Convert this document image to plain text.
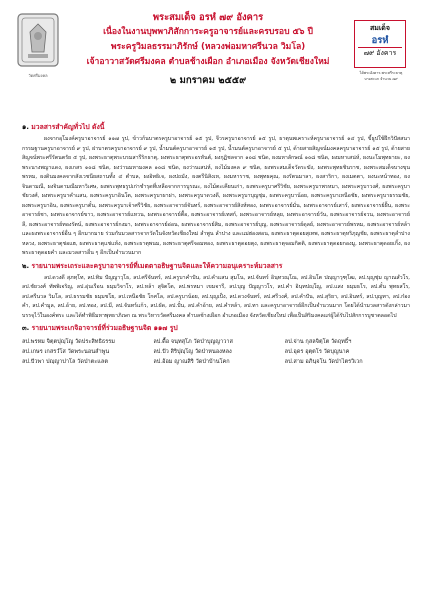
วัดศรีมงคล
พระสมเด็จ อรหํ ๗๙ อังคาร
เนื่องในงานบุพพาภิสักการะครูอาจารย์และครบรอบ ๕๖ ปี
พระครูวิมลธรรมาภิรักษ์ (หลวงพ่อมหาศรีนวล วิมโล)
เจ้าอาวาสวัดศรีมงคล ตำบลช้างเผือก อำเภอเมือง จังหวัดเชียงใหม่
๒ มกราคม ๒๕๕๙
สมเด็จ
อรหํ
๗๙ อังคาร
ได้พระอังคาร-พระสรีระธาตุ บางสะแก จำนวน ๗๙
๑. มวลสารสำคัญทั่วไป ดังนี้

ผงจากอุโมงค์ครูบาอาจารย์ ๑๑๗ รูป, ข้าวก้นบาตรครูบาอาจารย์ ๑๕ รูป, จีวรครูบาอาจารย์ ๑๕ รูป, ธาตุนพเคราะห์ครูบาอาจารย์ ๑๔ รูป, ขี้ธูปใช้ฝึกวิปัสสนากรรมฐานครูบาอาจารย์ ๙ รูป, ฝาบาตรครูบาอาจารย์ ๙ รูป, น้ำมนต์ครูบาอาจารย์ ๑๕ รูป, น้ำมนต์ครูบาอาจารย์ ๕ รูป, ด้ายสายสิญจน์มงคลครูบาอาจารย์ ๑๕ รูป, ด้ายสายสิญจน์พระศรีรัตนตรัย ๕ รูป, ผงพระธาตุพระบรมสารีริกธาตุ, ผงพระธาตุพระอรหันต์, ผงกุฏิชลจาก ๑๐๘ ชนิด, ผงมหาลักษณ์ ๑๐๘ ชนิด, ผงมหาเสน่ห์, ผงนะโมพุทธายะ, ผงพระนางพญาแดง, ผงเกสร ๑๐๘ ชนิด, ผงว่านมหามงคล ๑๐๘ ชนิด, ผงว่านเสน่ห์, ผงไม้มงคล ๙ ชนิด, ผงพระสมเด็จวัดระฆัง, ผงพระพุทธชินราช, ผงพระสมเด็จบางขุนพรหม, ผงดินมงคลจากสังเวชนียสถานทั้ง ๔ ตำบล, ผงอิทธิเจ, ผงปถมัง, ผงตรีนิสิงเห, ผงมหาราช, ผงพุทธคุณ, ผงรัตนมาลา, ผงสาริกา, ผงเมตตา, ผงนะหน้าทอง, ผงจินดามณี, ผงจินดามณีมหาวิเศษ, ผงพระพุทธรูปเก่าชำรุดที่เหลือจากการบูรณะ, ผงไม้ตะเคียนเก่า, ผงพระครูบาศรีวิชัย, ผงพระครูบาพรหมา, ผงพระครูบาวงศ์, ผงพระครูบาชัยวงศ์, ผงพระครูบาคำแสน, ผงพระครูบาอินโต, ผงพระครูบาผาผ่า, ผงพระครูบาดวงดี, ผงพระครูบาบุญชุ่ม, ผงพระครูบาน้อย, ผงพระครูบาเหนือชัย, ผงพระครูบาธรรมชัย, ผงพระครูบาอิน, ผงพระครูบาตั๋น, ผงพระครูบาเจ้าศรีวิชัย, ผงพระอาจารย์จันทร์, ผงพระอาจารย์สิงห์ทอง, ผงพระอาจารย์มั่น, ผงพระอาจารย์เสาร์, ผงพระอาจารย์ฝั้น, ผงพระอาจารย์ชา, ผงพระอาจารย์ขาว, ผงพระอาจารย์แหวน, ผงพระอาจารย์ตื้อ, ผงพระอาจารย์เทสก์, ผงพระอาจารย์หลุย, ผงพระอาจารย์วัน, ผงพระอาจารย์จวน, ผงพระอาจารย์ลี, ผงพระอาจารย์ทองรัตน์, ผงพระอาจารย์กงมา, ผงพระอาจารย์อ่อน, ผงพระอาจารย์สิม, ผงพระอาจารย์บุญ, ผงพระอาจารย์ดุลย์, ผงพระอาจารย์พรหม, ผงพระอาจารย์หล้า และผงพระอาจารย์อื่น ๆ อีกมากมาย ร่วมกับมวลสารจากวัดในจังหวัดเชียงใหม่ ลำพูน ลำปาง และแม่ฮ่องสอน, ผงพระธาตุดอยสุเทพ, ผงพระธาตุหริภุญชัย, ผงพระธาตุลำปางหลวง, ผงพระธาตุช่อแฮ, ผงพระธาตุแช่แห้ง, ผงพระธาตุพนม, ผงพระธาตุศรีจอมทอง, ผงพระธาตุดอยตุง, ผงพระธาตุจอมกิตติ, ผงพระธาตุดอยกองมู, ผงพระธาตุดอยเกิ้ง, ผงพระธาตุดอยคำ และมวลสารอื่น ๆ อีกเป็นจำนวนมาก

๒. รายนามพระเถระและครูบาอาจารย์ที่เมตตาอธิษฐานจิตและให้ความอนุเคราะห์มวลสาร

ลป.ดวงดี สุภทฺโท, ลป.ทิม ปัญญาวุโธ, ลป.ศรีจันทร์, ลป.ครูบาคำปัน, ลป.คำแสน สุมโน, ลป.จันทร์ อินฺทวณฺโณ, ลป.อินโต ปญฺญาวุฑฺโฒ, ลป.บุญชุ่ม ญาณสํวโร, ลป.ชัยวงศ์ ทัพพิเจริญ, ลป.อุ่นเรือน ธมฺมวิจาโร, ลป.หล้า สุจิตโต, ลป.พรหมา เขมจารี, ลป.บุญ ปัญญาวโร, ลป.คำ อินฺทปญฺโญ, ลป.แสง ธมฺมธโร, ลป.ตั๋น พุทธสโร, ลป.ศรีนวล วิมโล, ลป.ธรรมชัย ธมฺมชโย, ลป.เหนือชัย โกศโล, ลป.ครูบาน้อย, ลป.บุญเป็ง, ลป.ดวงจันทร์, ลป.ศรีวงศ์, ลป.คำปัน, ลป.สุริยา, ลป.อินทร์, ลป.บุญทา, ลป.ก๋องคำ, ลป.คำมูล, ลป.อ้าย, ลป.ทอง, ลป.มี, ลป.จันทร์แก้ว, ลป.ผัด, ลป.ปั๋น, ลป.คำอ้าย, ลป.คำหล้า, ลป.ทา และครูบาอาจารย์อีกเป็นจำนวนมาก โดยได้นำมวลสารดังกล่าวมาบรรจุไว้ในองค์พระ และได้ทำพิธีมหาพุทธาภิเษก ณ พระวิหารวัดศรีมงคล ตำบลช้างเผือก อำเภอเมือง จังหวัดเชียงใหม่ เพื่อเป็นสิริมงคลแก่ผู้ได้รับไปสักการบูชาตลอดไป

๓. รายนามพระเกจิอาจารย์ที่ร่วมอธิษฐานจิต ๑๑๗ รูป
ลป.พรหม จิตฺตปุญฺโญ วัดประสิทธิธรรม	ลป.ดื้อ จนฺทสุโภ วัดป่าบุญญาวาส	ลป.จ่าน กุสลจิตฺโต วัดฤทธิ์ฯ
ลป.เกษร เกสรวํโส วัดพระนอนลำพูน	ลป.ปัว สิริปุญฺโญ วัดป่าหนองหลง	ลป.อุดร อุตฺตโร วัดบุญนาค
ลป.ปัวพา ปญฺญาปาโล วัดป่าตะแลต	ลป.อ้อม ญาณสิริ วัดป่าบ้านโคก	ลป.สาม อภินฺจโน วัดป่าไตรวิเวก
